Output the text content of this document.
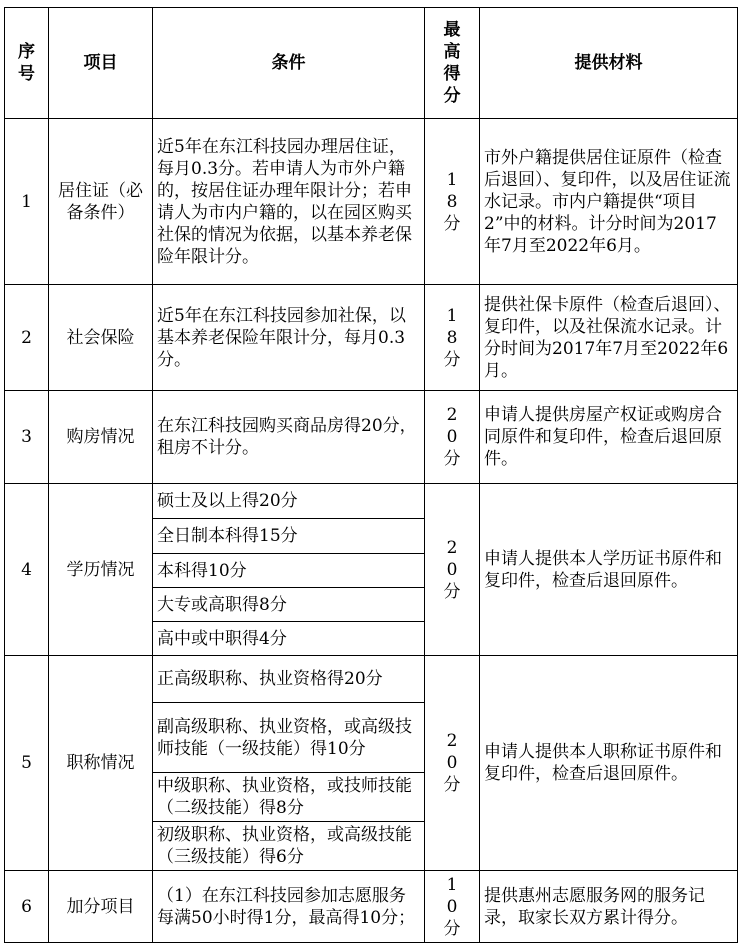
序号	项目	条件	最高得分	提供材料
1	居住证（必备条件）	近5年在东江科技园办理居住证，每月0.3分。若申请人为市外户籍的，按居住证办理年限计分；若申请人为市内户籍的，以在园区购买社保的情况为依据，以基本养老保险年限计分。	18分	市外户籍提供居住证原件（检查后退回）、复印件，以及居住证流水记录。市内户籍提供“项目2”中的材料。计分时间为2017年7月至2022年6月。
2	社会保险	近5年在东江科技园参加社保，以基本养老保险年限计分，每月0.3分。	18分	提供社保卡原件（检查后退回）、复印件，以及社保流水记录。计分时间为2017年7月至2022年6月。
3	购房情况	在东江科技园购买商品房得20分，租房不计分。	20分	申请人提供房屋产权证或购房合同原件和复印件，检查后退回原件。
4	学历情况	硕士及以上得20分	20分	申请人提供本人学历证书原件和复印件，检查后退回原件。
		全日制本科得15分		
		本科得10分		
		大专或高职得8分		
		高中或中职得4分		
5	职称情况	正高级职称、执业资格得20分	20分	申请人提供本人职称证书原件和复印件，检查后退回原件。
		副高级职称、执业资格，或高级技师技能（一级技能）得10分		
		中级职称、执业资格，或技师技能（二级技能）得8分		
		初级职称、执业资格，或高级技能（三级技能）得6分		
6	加分项目	（1）在东江科技园参加志愿服务每满50小时得1分，最高得10分；	10分	提供惠州志愿服务网的服务记录，取家长双方累计得分。
